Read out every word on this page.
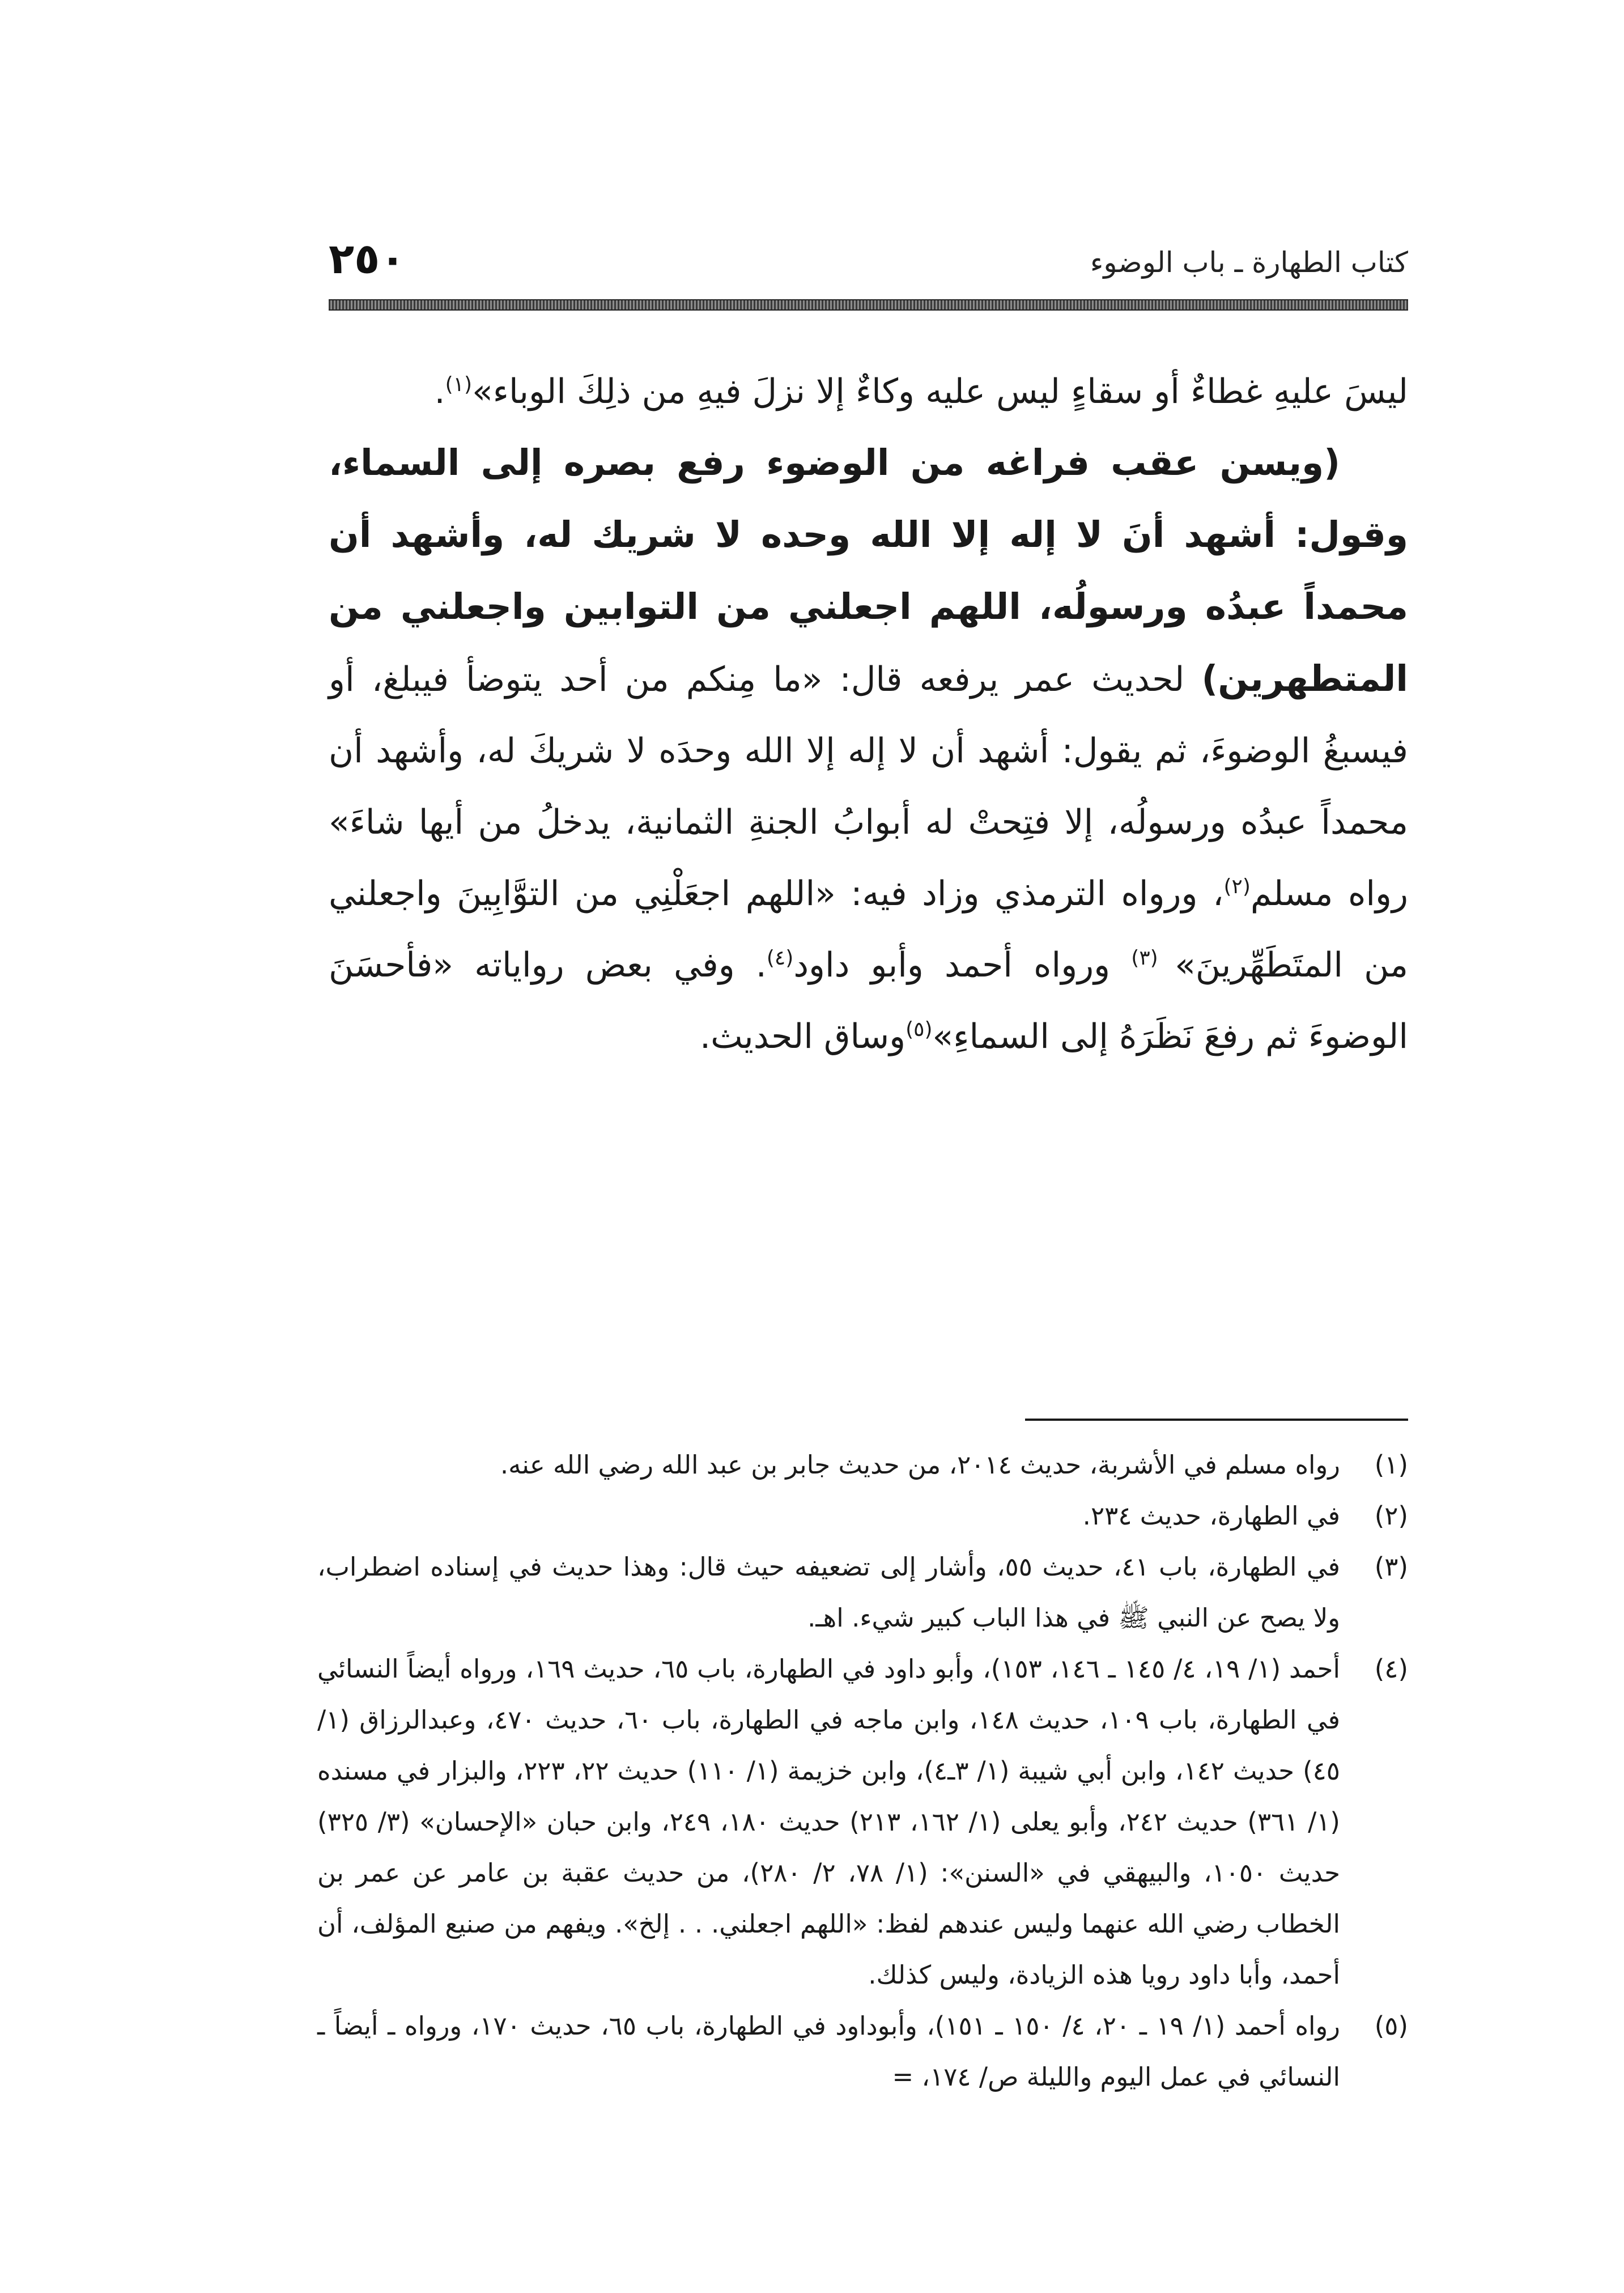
كتاب الطهارة ـ باب الوضوء
٢٥٠

ليسَ عليهِ غطاءٌ أو سقاءٍ ليس عليه وكاءٌ إلا نزلَ فيهِ من ذلِكَ الوباء»$^{(١)}$.

(ويسن عقب فراغه من الوضوء رفع بصره إلى السماء، وقول: أشهد أنَ لا إله إلا الله وحده لا شريك له، وأشهد أن محمداً عبدُه ورسولُه، اللهم اجعلني من التوابين واجعلني من المتطهرين) لحديث عمر يرفعه قال: «ما مِنكم من أحد يتوضأ فيبلغ، أو فيسبغُ الوضوءَ، ثم يقول: أشهد أن لا إله إلا الله وحدَه لا شريكَ له، وأشهد أن محمداً عبدُه ورسولُه، إلا فتِحتْ له أبوابُ الجنةِ الثمانية، يدخلُ من أيها شاءَ» رواه مسلم$^{(٢)}$، ورواه الترمذي وزاد فيه: «اللهم اجعَلْنِي من التوَّابِينَ واجعلني من المتَطَهِّرينَ» $^{(٣)}$ ورواه أحمد وأبو داود$^{(٤)}$. وفي بعض رواياته «فأحسَنَ الوضوءَ ثم رفعَ نَظَرَهُ إلى السماءِ»$^{(٥)}$وساق الحديث.

(١)
رواه مسلم في الأشربة، حديث ٢٠١٤، من حديث جابر بن عبد الله رضي الله عنه.
(٢)
في الطهارة، حديث ٢٣٤.
(٣)
في الطهارة، باب ٤١، حديث ٥٥، وأشار إلى تضعيفه حيث قال: وهذا حديث في إسناده اضطراب، ولا يصح عن النبي ﷺ في هذا الباب كبير شيء. اهـ.
(٤)
أحمد (١/ ١٩، ٤/ ١٤٥ ـ ١٤٦، ١٥٣)، وأبو داود في الطهارة، باب ٦٥، حديث ١٦٩، ورواه أيضاً النسائي في الطهارة، باب ١٠٩، حديث ١٤٨، وابن ماجه في الطهارة، باب ٦٠، حديث ٤٧٠، وعبدالرزاق (١/ ٤٥) حديث ١٤٢، وابن أبي شيبة (١/ ٣ـ٤)، وابن خزيمة (١/ ١١٠) حديث ٢٢، ٢٢٣، والبزار في مسنده (١/ ٣٦١) حديث ٢٤٢، وأبو يعلى (١/ ١٦٢، ٢١٣) حديث ١٨٠، ٢٤٩، وابن حبان «الإحسان» (٣/ ٣٢٥) حديث ١٠٥٠، والبيهقي في «السنن»: (١/ ٧٨، ٢/ ٢٨٠)، من حديث عقبة بن عامر عن عمر بن الخطاب رضي الله عنهما وليس عندهم لفظ: «اللهم اجعلني. . . إلخ». ويفهم من صنيع المؤلف، أن أحمد، وأبا داود رويا هذه الزيادة، وليس كذلك.
(٥)
رواه أحمد (١/ ١٩ ـ ٢٠، ٤/ ١٥٠ ـ ١٥١)، وأبوداود في الطهارة، باب ٦٥، حديث ١٧٠، ورواه ـ أيضاً ـ النسائي في عمل اليوم والليلة ص/ ١٧٤، =
